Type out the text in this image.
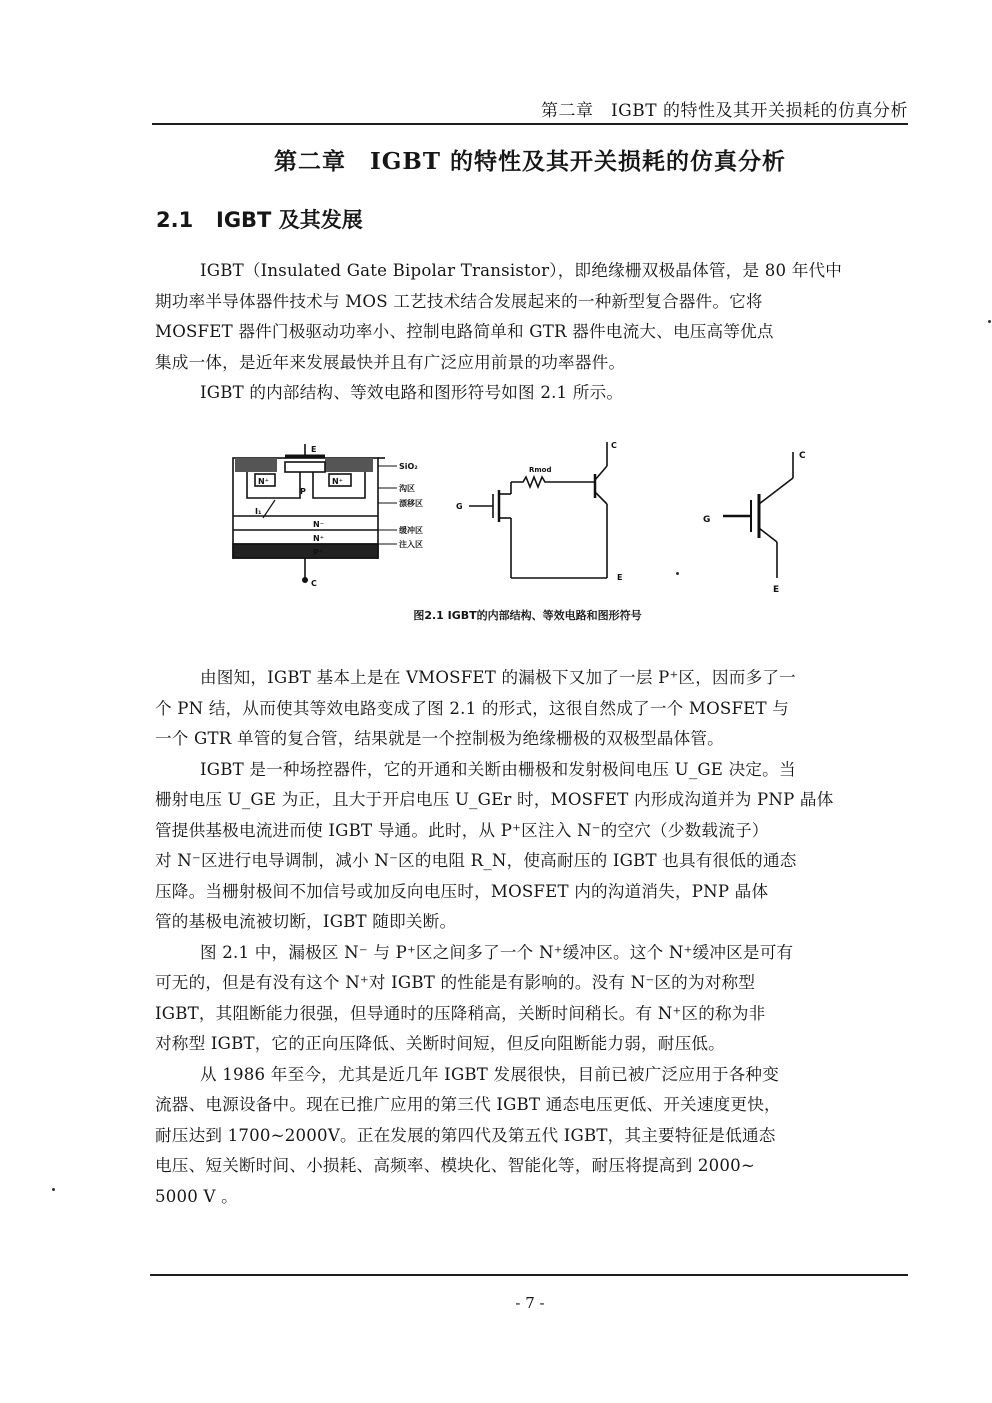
第二章　IGBT 的特性及其开关损耗的仿真分析
第二章　IGBT 的特性及其开关损耗的仿真分析
2.1 IGBT 及其发展
IGBT（Insulated Gate Bipolar Transistor），即绝缘栅双极晶体管，是 80 年代中
期功率半导体器件技术与 MOS 工艺技术结合发展起来的一种新型复合器件。它将
MOSFET 器件门极驱动功率小、控制电路简单和 GTR 器件电流大、电压高等优点
集成一体，是近年来发展最快并且有广泛应用前景的功率器件。
IGBT 的内部结构、等效电路和图形符号如图 2.1 所示。
E
SiO₂
沟区
漂移区
缓冲区
注入区
N⁺	N⁺
P
N⁻
N⁺
P⁺
I₁
C
G
C
E
Rmod
G
C
E
图2.1 IGBT的内部结构、等效电路和图形符号
由图知，IGBT 基本上是在 VMOSFET 的漏极下又加了一层 P⁺区，因而多了一
个 PN 结，从而使其等效电路变成了图 2.1 的形式，这很自然成了一个 MOSFET 与
一个 GTR 单管的复合管，结果就是一个控制极为绝缘栅极的双极型晶体管。
IGBT 是一种场控器件，它的开通和关断由栅极和发射极间电压 U_GE 决定。当
栅射电压 U_GE 为正，且大于开启电压 U_GEr 时，MOSFET 内形成沟道并为 PNP 晶体
管提供基极电流进而使 IGBT 导通。此时，从 P⁺区注入 N⁻的空穴（少数载流子）
对 N⁻区进行电导调制，减小 N⁻区的电阻 R_N，使高耐压的 IGBT 也具有很低的通态
压降。当栅射极间不加信号或加反向电压时，MOSFET 内的沟道消失，PNP 晶体
管的基极电流被切断，IGBT 随即关断。
图 2.1 中，漏极区 N⁻ 与 P⁺区之间多了一个 N⁺缓冲区。这个 N⁺缓冲区是可有
可无的，但是有没有这个 N⁺对 IGBT 的性能是有影响的。没有 N⁻区的为对称型
IGBT，其阻断能力很强，但导通时的压降稍高，关断时间稍长。有 N⁺区的称为非
对称型 IGBT，它的正向压降低、关断时间短，但反向阻断能力弱，耐压低。
从 1986 年至今，尤其是近几年 IGBT 发展很快，目前已被广泛应用于各种变
流器、电源设备中。现在已推广应用的第三代 IGBT 通态电压更低、开关速度更快，
耐压达到 1700~2000V。正在发展的第四代及第五代 IGBT，其主要特征是低通态
电压、短关断时间、小损耗、高频率、模块化、智能化等，耐压将提高到 2000~
5000 V 。
- 7 -
